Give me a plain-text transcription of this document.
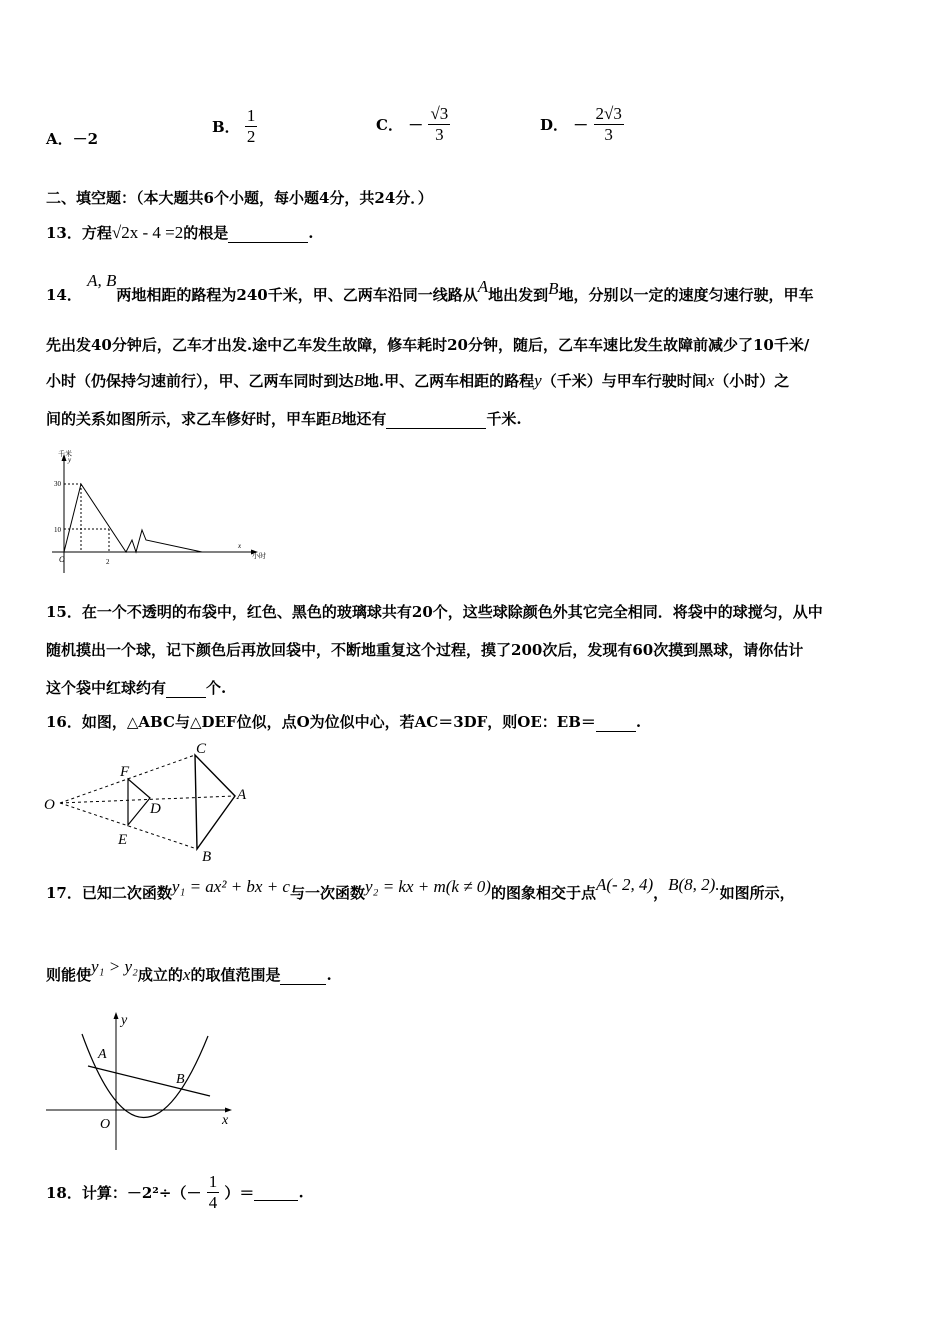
A．－2
B． $\frac{1}{2}$	C． － $\frac{√3}{3}$	D． － $\frac{2√3}{3}$
二、填空题：（本大题共6个小题，每小题4分，共24分．）
13．方程√2x - 4 =2的根是	.
14． A, B两地相距的路程为240千米，甲、乙两车沿同一线路从A地出发到B地，分别以一定的速度匀速行驶，甲车
先出发40分钟后，乙车才出发.途中乙车发生故障，修车耗时20分钟，随后，乙车车速比发生故障前减少了10千米/
小时（仍保持匀速前行），甲、乙两车同时到达B地.甲、乙两车相距的路程y（千米）与甲车行驶时间x（小时）之
间的关系如图所示，求乙车修好时，甲车距B地还有	千米.
千米
y
x
小时
30
10
O	2
15．在一个不透明的布袋中，红色、黑色的玻璃球共有20个，这些球除颜色外其它完全相同．将袋中的球搅匀，从中
随机摸出一个球，记下颜色后再放回袋中，不断地重复这个过程，摸了200次后，发现有60次摸到黑球，请你估计
这个袋中红球约有	个.
16．如图，△ABC与△DEF位似，点O为位似中心，若AC＝3DF，则OE：EB＝	.
O
F
D
E
C
A
B
17．已知二次函数y₁ = ax² + bx + c与一次函数y₂ = kx + m(k ≠ 0)的图象相交于点A(- 2, 4)，B(8, 2).如图所示，
则能使y₁ > y₂成立的x的取值范围是	.
y
x
O
A
B
18．计算：$-2^2\div(- \frac{1}{4}$ ）＝	.
